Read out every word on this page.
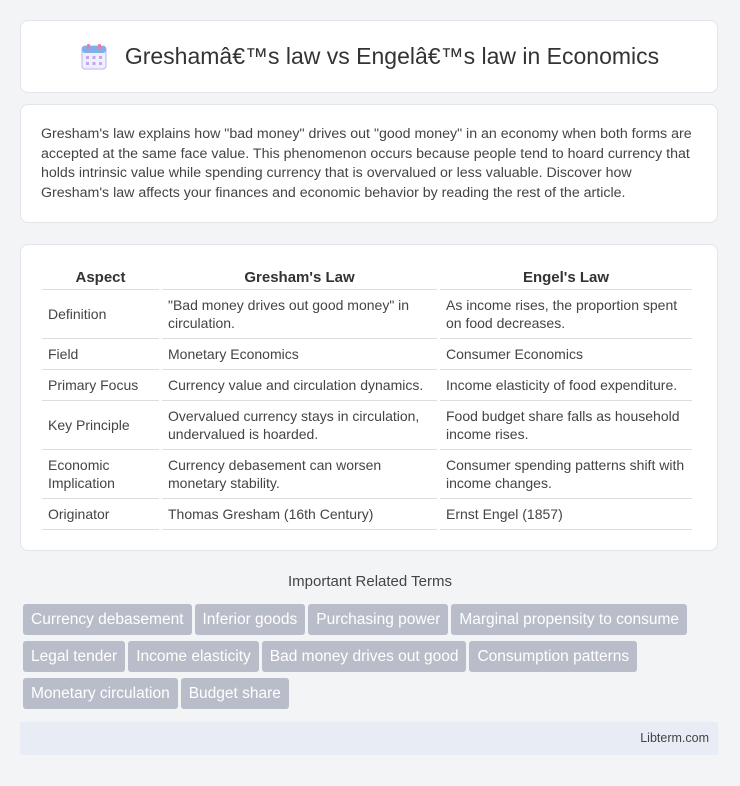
Greshamâ€™s law vs Engelâ€™s law in Economics

Gresham's law explains how "bad money" drives out "good money" in an economy when both forms are accepted at the same face value. This phenomenon occurs because people tend to hoard currency that holds intrinsic value while spending currency that is overvalued or less valuable. Discover how Gresham's law affects your finances and economic behavior by reading the rest of the article.

Aspect	Gresham's Law	Engel's Law
Definition	"Bad money drives out good money" in circulation.	As income rises, the proportion spent on food decreases.
Field	Monetary Economics	Consumer Economics
Primary Focus	Currency value and circulation dynamics.	Income elasticity of food expenditure.
Key Principle	Overvalued currency stays in circulation, undervalued is hoarded.	Food budget share falls as household income rises.
Economic Implication	Currency debasement can worsen monetary stability.	Consumer spending patterns shift with income changes.
Originator	Thomas Gresham (16th Century)	Ernst Engel (1857)
Important Related Terms
Currency debasement Inferior goods Purchasing power Marginal propensity to consume
Legal tender Income elasticity Bad money drives out good Consumption patterns
Monetary circulation Budget share
Libterm.com
